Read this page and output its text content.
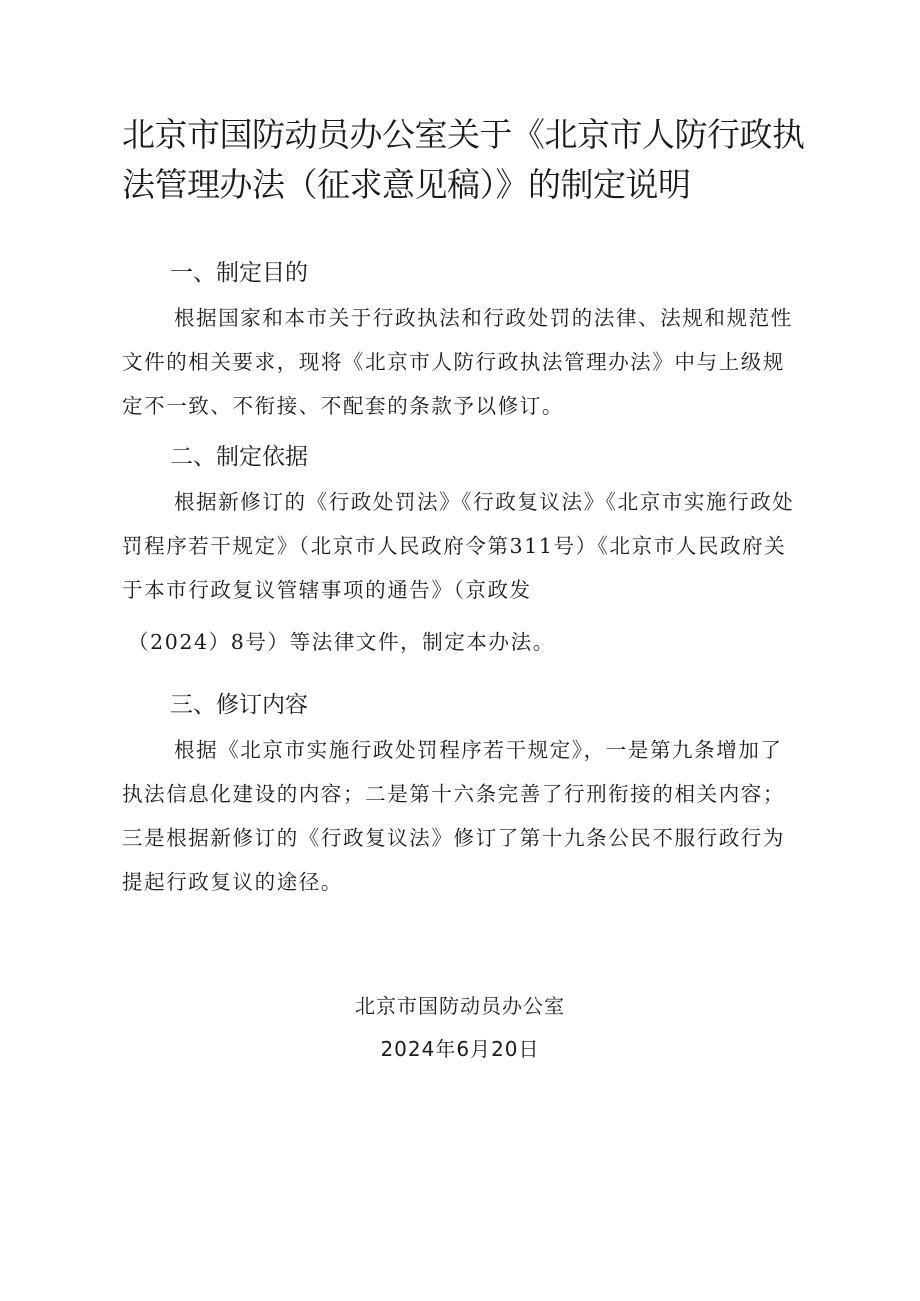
北京市国防动员办公室关于《北京市人防行政执法管理办法（征求意见稿）》的制定说明
一、制定目的

根据国家和本市关于行政执法和行政处罚的法律、法规和规范性文件的相关要求，现将《北京市人防行政执法管理办法》中与上级规定不一致、不衔接、不配套的条款予以修订。

二、制定依据

根据新修订的《行政处罚法》《行政复议法》《北京市实施行政处罚程序若干规定》（北京市人民政府令第311号）《北京市人民政府关于本市行政复议管辖事项的通告》（京政发

（2024）8号）等法律文件，制定本办法。

三、修订内容

根据《北京市实施行政处罚程序若干规定》，一是第九条增加了执法信息化建设的内容；二是第十六条完善了行刑衔接的相关内容；三是根据新修订的《行政复议法》修订了第十九条公民不服行政行为提起行政复议的途径。

北京市国防动员办公室

2024年6月20日
